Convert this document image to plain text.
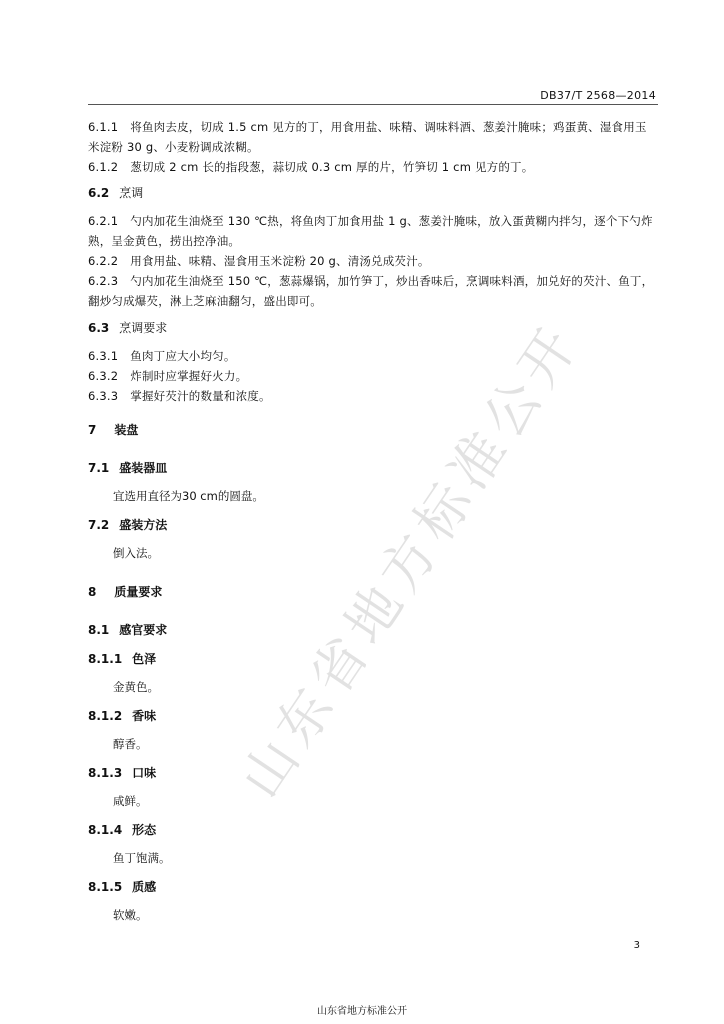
DB37/T 2568—2014
6.1.1 将鱼肉去皮，切成 1.5 cm 见方的丁，用食用盐、味精、调味料酒、葱姜汁腌味；鸡蛋黄、湿食用玉米淀粉 30 g、小麦粉调成浓糊。
6.1.2 葱切成 2 cm 长的指段葱，蒜切成 0.3 cm 厚的片，竹笋切 1 cm 见方的丁。
6.2 烹调
6.2.1 勺内加花生油烧至 130 ℃热，将鱼肉丁加食用盐 1 g、葱姜汁腌味，放入蛋黄糊内拌匀，逐个下勺炸熟，呈金黄色，捞出控净油。
6.2.2 用食用盐、味精、湿食用玉米淀粉 20 g、清汤兑成芡汁。
6.2.3 勺内加花生油烧至 150 ℃，葱蒜爆锅，加竹笋丁，炒出香味后，烹调味料酒，加兑好的芡汁、鱼丁，翻炒匀成爆芡，淋上芝麻油翻匀，盛出即可。
6.3 烹调要求
6.3.1 鱼肉丁应大小均匀。
6.3.2 炸制时应掌握好火力。
6.3.3 掌握好芡汁的数量和浓度。
7 装盘
7.1 盛装器皿
宜选用直径为30 cm的圆盘。
7.2 盛装方法
倒入法。
8 质量要求
8.1 感官要求
8.1.1 色泽
金黄色。
8.1.2 香味
醇香。
8.1.3 口味
咸鲜。
8.1.4 形态
鱼丁饱满。
8.1.5 质感
软嫩。
3
山东省地方标准公开
山东省地方标准公开
